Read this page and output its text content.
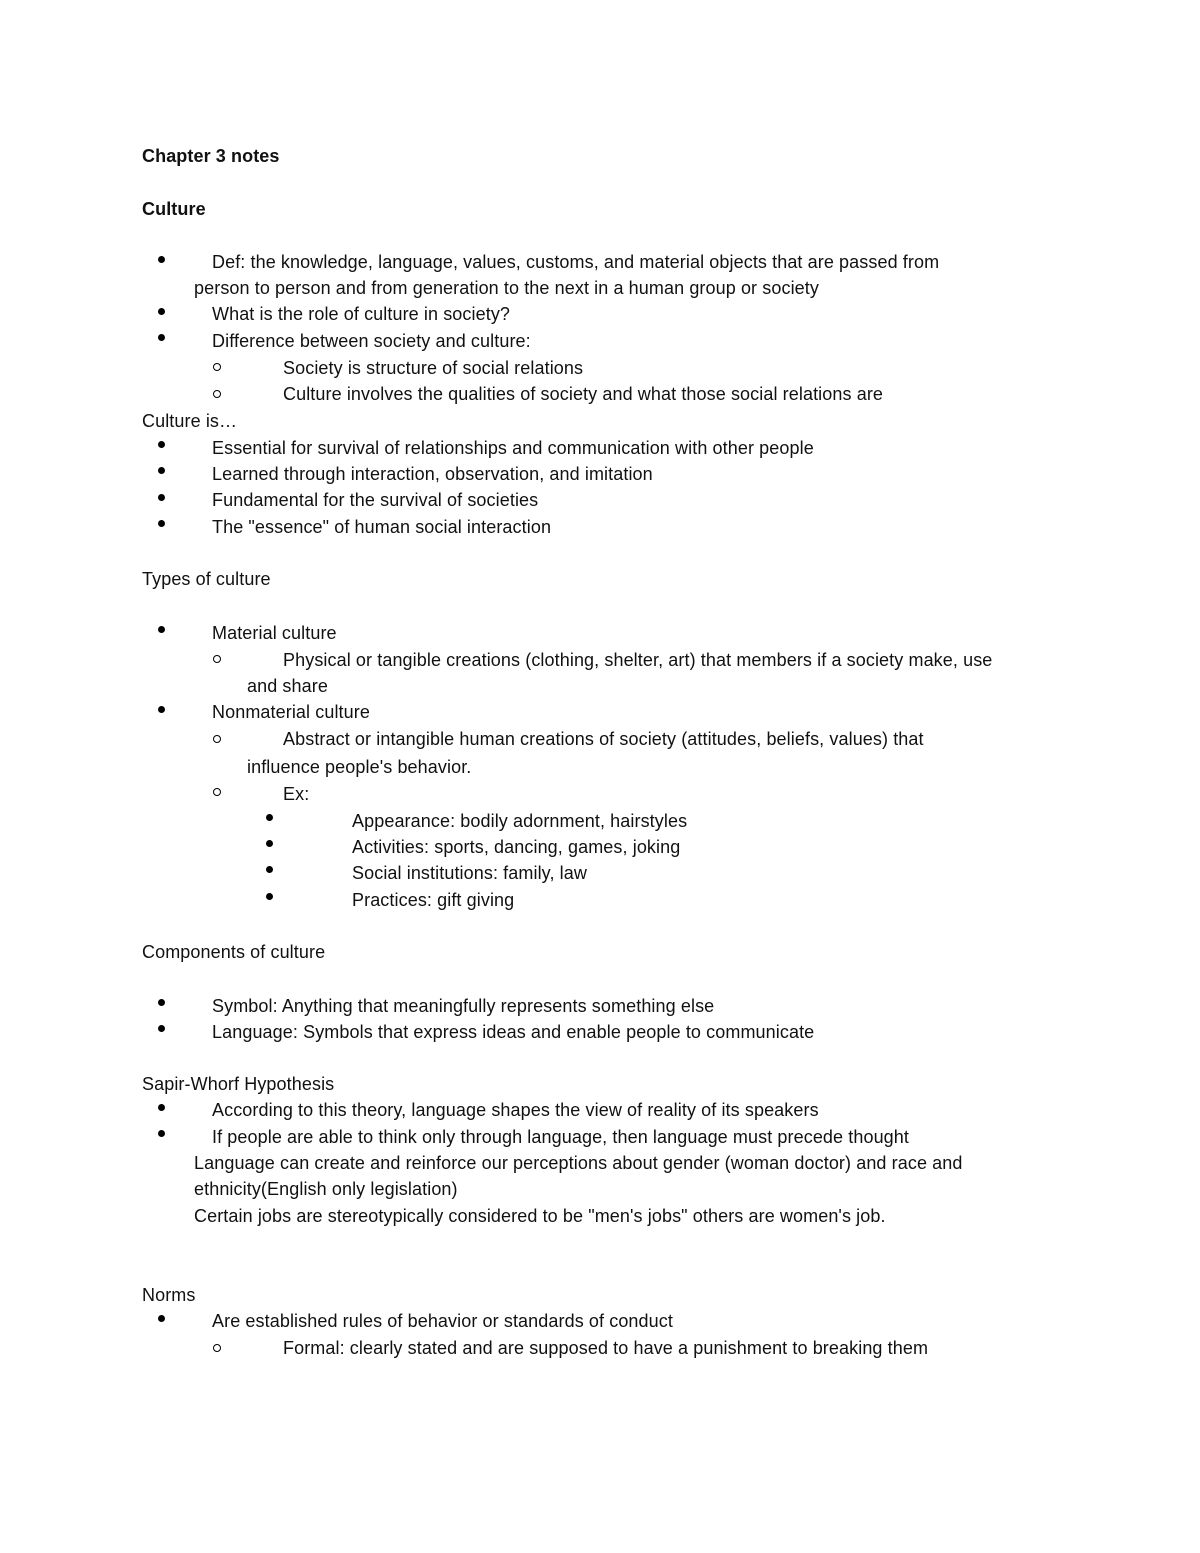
Chapter 3 notes
Culture
Def: the knowledge, language, values, customs, and material objects that are passed from
person to person and from generation to the next in a human group or society
What is the role of culture in society?
Difference between society and culture:
Society is structure of social relations
Culture involves the qualities of society and what those social relations are
Culture is…
Essential for survival of relationships and communication with other people
Learned through interaction, observation, and imitation
Fundamental for the survival of societies
The "essence" of human social interaction
Types of culture
Material culture
Physical or tangible creations (clothing, shelter, art) that members if a society make, use
and share
Nonmaterial culture
Abstract or intangible human creations of society (attitudes, beliefs, values) that
influence people's behavior.
Ex:
Appearance: bodily adornment, hairstyles
Activities: sports, dancing, games, joking
Social institutions: family, law
Practices: gift giving
Components of culture
Symbol: Anything that meaningfully represents something else
Language: Symbols that express ideas and enable people to communicate
Sapir-Whorf Hypothesis
According to this theory, language shapes the view of reality of its speakers
If people are able to think only through language, then language must precede thought
Language can create and reinforce our perceptions about gender (woman doctor) and race and
ethnicity(English only legislation)
Certain jobs are stereotypically considered to be "men's jobs" others are women's job.
Norms
Are established rules of behavior or standards of conduct
Formal: clearly stated and are supposed to have a punishment to breaking them
